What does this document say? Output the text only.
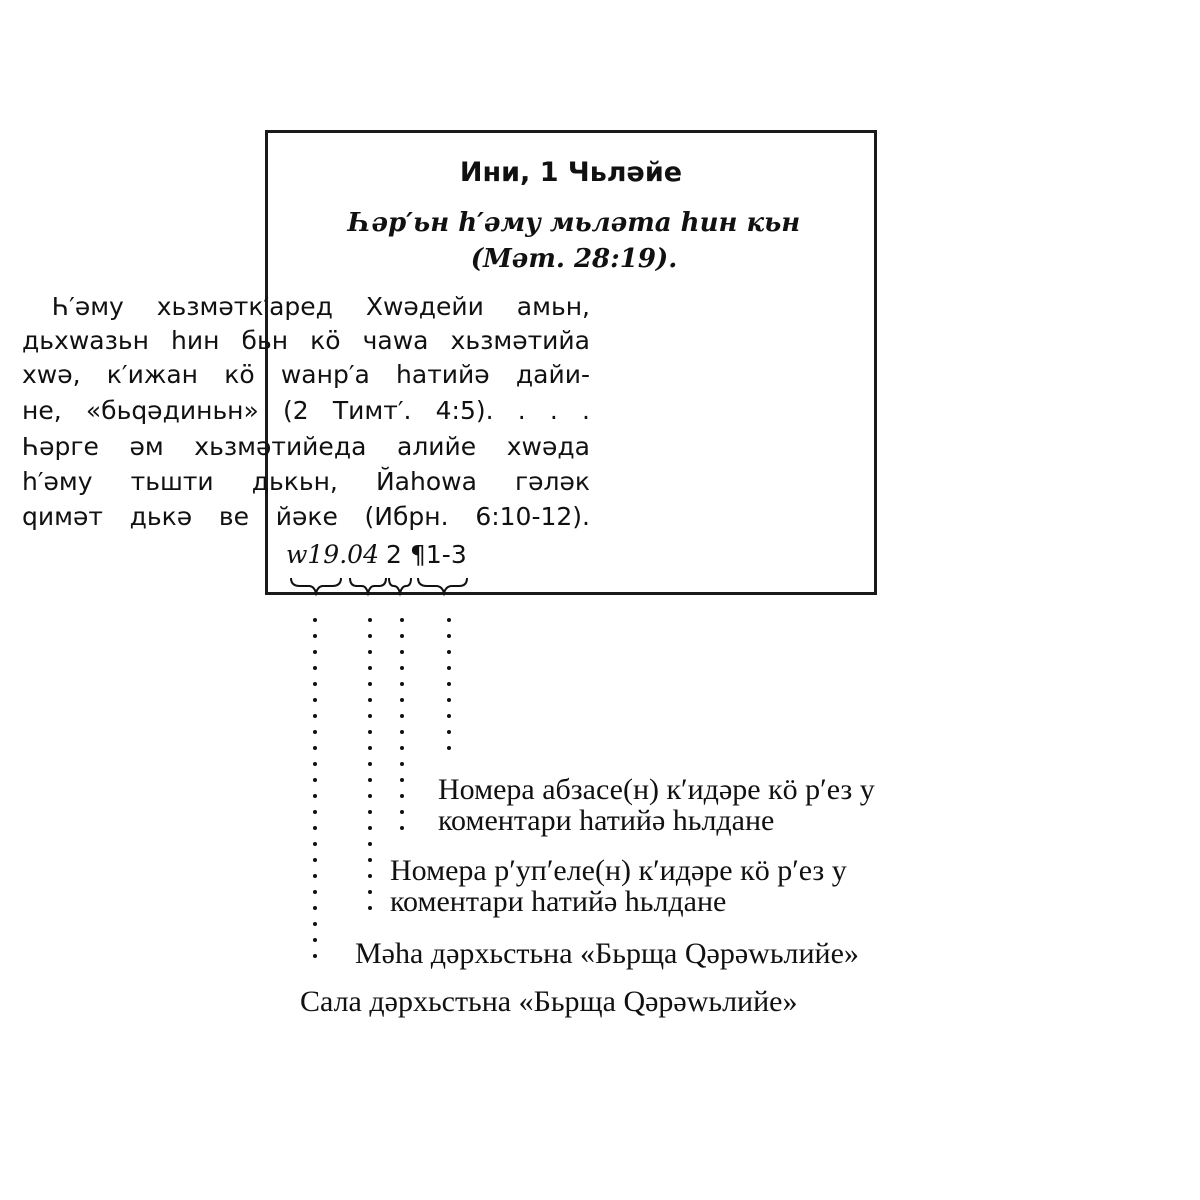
Ини, 1 Чьләйе
Һәр′ьн һ′әму мьләта һин кьн (Мәт. 28:19).
Һ′әму хьзмәтк′аред Хwәдейи амьн,
дьхwазьн hин бьн кӧ чаwа хьзмәтийа
хwә, к′ижан кӧ wанр′а hатийә дайи-
не, «бьqәдиньн» (2 Тимт′. 4:5). . . .
Һәрге әм хьзмәтийеда алийе хwәда
һ′әму тьшти дькьн, Йаhоwа гәләк
qимәт дькә ве йәке (Ибрн. 6:10-12).
w19.04 2 ¶1-3
Номера абзасе(н) к′идәре кӧ р′ез у
коментари hатийә hьлдане
Номера р′уп′еле(н) к′идәре кӧ р′ез у
коментари hатийә hьлдане
Мәhа дәрхьстьна «Бьрща Qәрәwьлийе»
Сала дәрхьстьна «Бьрща Qәрәwьлийе»
